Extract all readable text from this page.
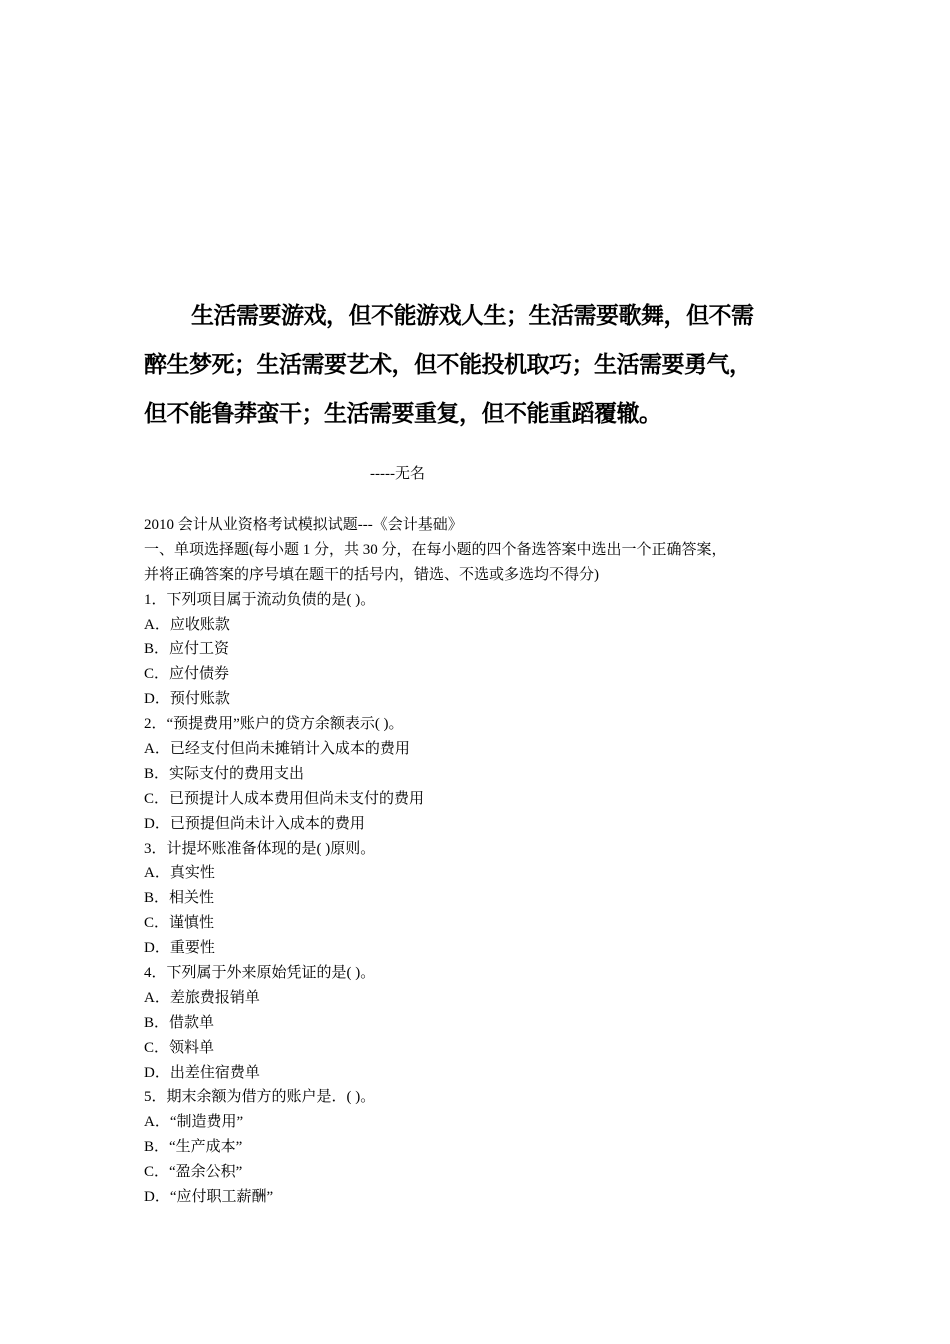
生活需要游戏，但不能游戏人生；生活需要歌舞，但不需
醉生梦死；生活需要艺术，但不能投机取巧；生活需要勇气，
但不能鲁莽蛮干；生活需要重复，但不能重蹈覆辙。
-----无名
2010 会计从业资格考试模拟试题---《会计基础》
一、单项选择题(每小题 1 分，共 30 分，在每小题的四个备选答案中选出一个正确答案，
并将正确答案的序号填在题干的括号内，错选、不选或多选均不得分)
1．下列项目属于流动负债的是( )。
A．应收账款
B．应付工资
C．应付债券
D．预付账款
2．“预提费用”账户的贷方余额表示( )。
A．已经支付但尚未摊销计入成本的费用
B．实际支付的费用支出
C．已预提计人成本费用但尚未支付的费用
D．已预提但尚未计入成本的费用
3．计提坏账准备体现的是( )原则。
A．真实性
B．相关性
C．谨慎性
D．重要性
4．下列属于外来原始凭证的是( )。
A．差旅费报销单
B．借款单
C．领料单
D．出差住宿费单
5．期末余额为借方的账户是．( )。
A．“制造费用”
B．“生产成本”
C．“盈余公积”
D．“应付职工薪酬”
